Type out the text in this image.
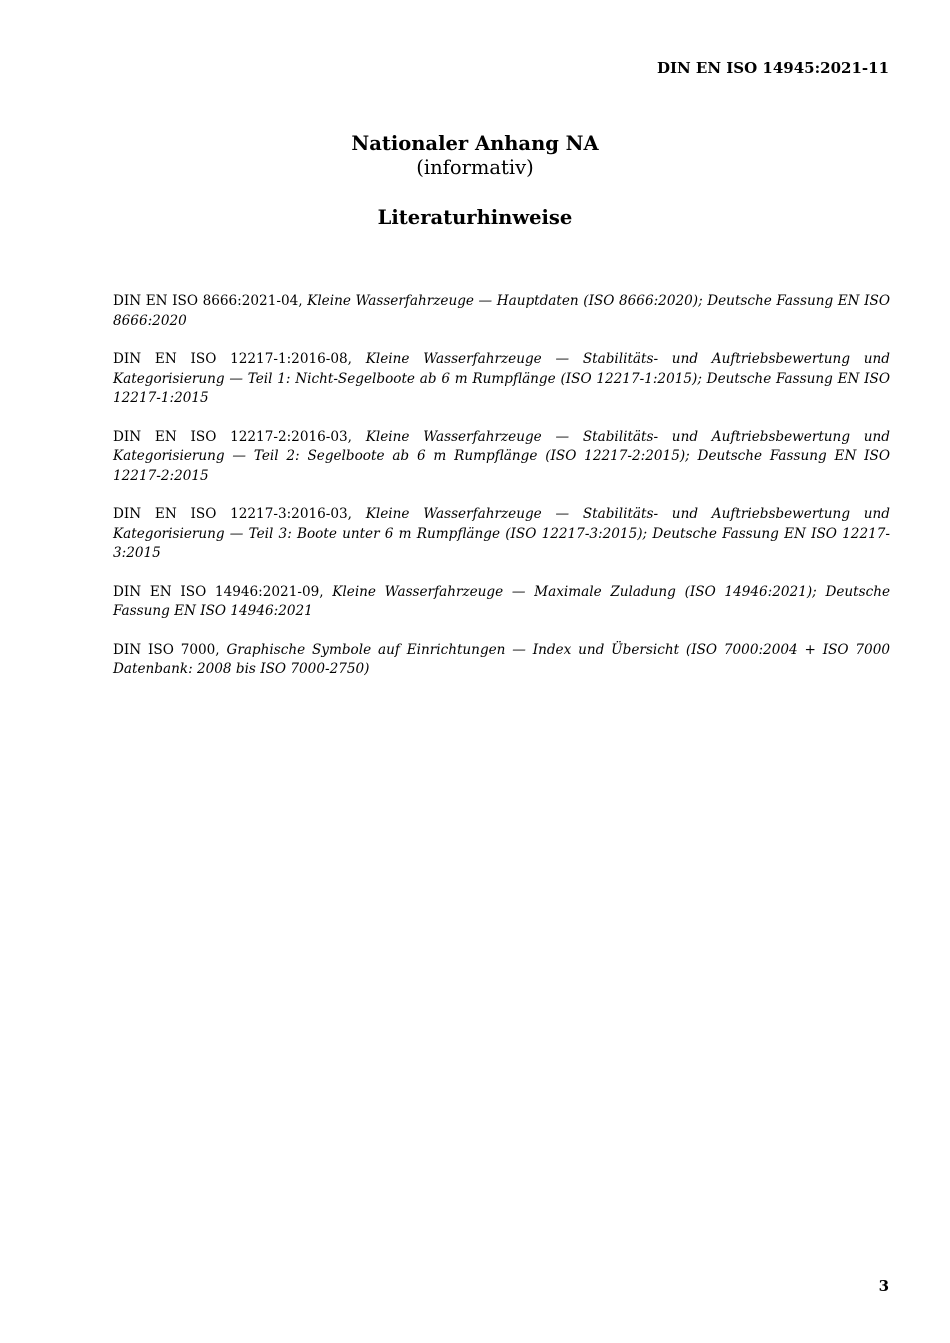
DIN EN ISO 14945:2021-11

Nationaler Anhang NA

(informativ)

Literaturhinweise

DIN EN ISO 8666:2021-04, Kleine Wasserfahrzeuge — Hauptdaten (ISO 8666:2020); Deutsche Fassung EN ISO 8666:2020

DIN EN ISO 12217-1:2016-08, Kleine Wasserfahrzeuge — Stabilitäts- und Auftriebsbewertung und Kategorisierung — Teil 1: Nicht-Segelboote ab 6 m Rumpflänge (ISO 12217-1:2015); Deutsche Fassung EN ISO 12217-1:2015

DIN EN ISO 12217-2:2016-03, Kleine Wasserfahrzeuge — Stabilitäts- und Auftriebsbewertung und Kategorisierung — Teil 2: Segelboote ab 6 m Rumpflänge (ISO 12217-2:2015); Deutsche Fassung EN ISO 12217-2:2015

DIN EN ISO 12217-3:2016-03, Kleine Wasserfahrzeuge — Stabilitäts- und Auftriebsbewertung und Kategorisierung — Teil 3: Boote unter 6 m Rumpflänge (ISO 12217-3:2015); Deutsche Fassung EN ISO 12217-3:2015

DIN EN ISO 14946:2021-09, Kleine Wasserfahrzeuge — Maximale Zuladung (ISO 14946:2021); Deutsche Fassung EN ISO 14946:2021

DIN ISO 7000, Graphische Symbole auf Einrichtungen — Index und Übersicht (ISO 7000:2004 + ISO 7000 Datenbank: 2008 bis ISO 7000-2750)

3
